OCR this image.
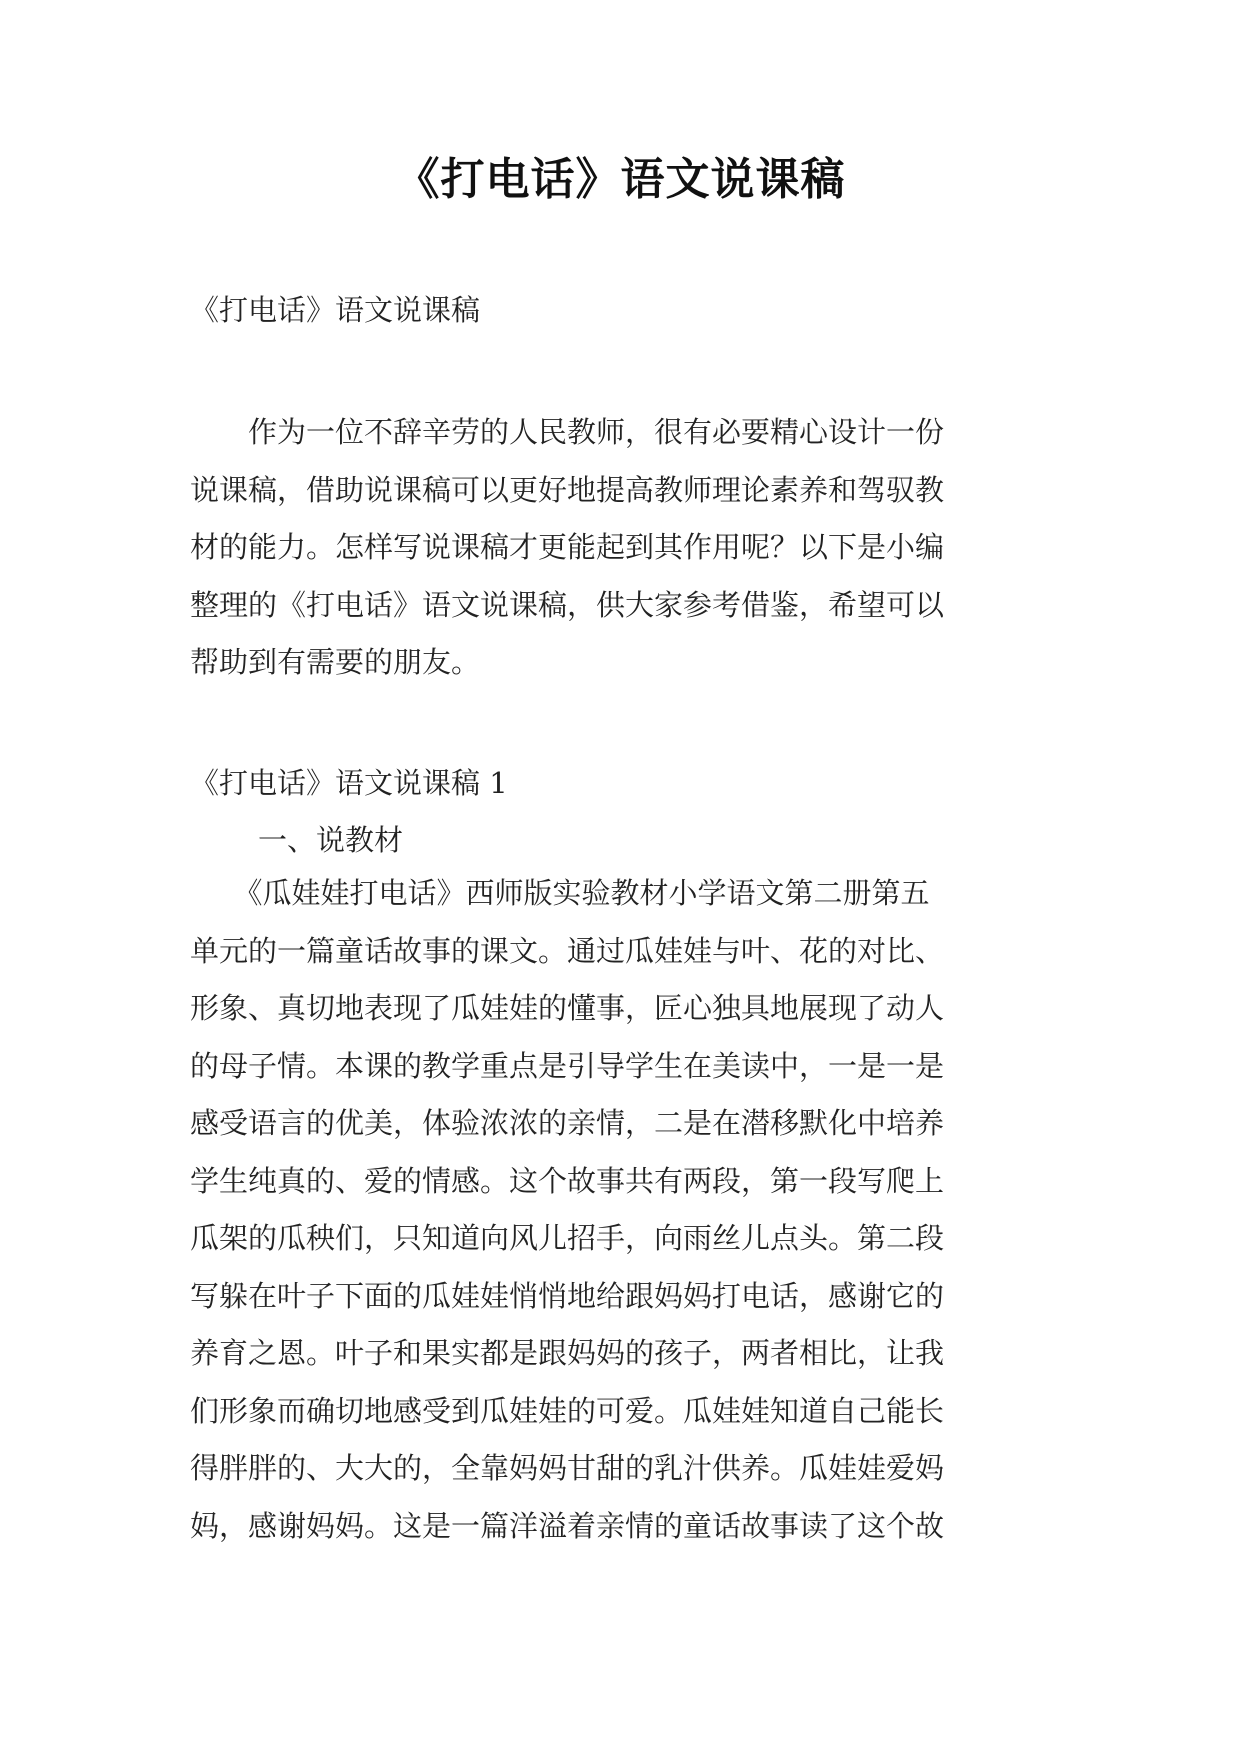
《打电话》语文说课稿
《打电话》语文说课稿
　　作为一位不辞辛劳的人民教师，很有必要精心设计一份
说课稿，借助说课稿可以更好地提高教师理论素养和驾驭教
材的能力。怎样写说课稿才更能起到其作用呢？以下是小编
整理的《打电话》语文说课稿，供大家参考借鉴，希望可以
帮助到有需要的朋友。
《打电话》语文说课稿 1
一、说教材
　　《瓜娃娃打电话》西师版实验教材小学语文第二册第五
单元的一篇童话故事的课文。通过瓜娃娃与叶、花的对比、
形象、真切地表现了瓜娃娃的懂事，匠心独具地展现了动人
的母子情。本课的教学重点是引导学生在美读中，一是一是
感受语言的优美，体验浓浓的亲情，二是在潜移默化中培养
学生纯真的、爱的情感。这个故事共有两段，第一段写爬上
瓜架的瓜秧们，只知道向风儿招手，向雨丝儿点头。第二段
写躲在叶子下面的瓜娃娃悄悄地给跟妈妈打电话，感谢它的
养育之恩。叶子和果实都是跟妈妈的孩子，两者相比，让我
们形象而确切地感受到瓜娃娃的可爱。瓜娃娃知道自己能长
得胖胖的、大大的，全靠妈妈甘甜的乳汁供养。瓜娃娃爱妈
妈，感谢妈妈。这是一篇洋溢着亲情的童话故事读了这个故
